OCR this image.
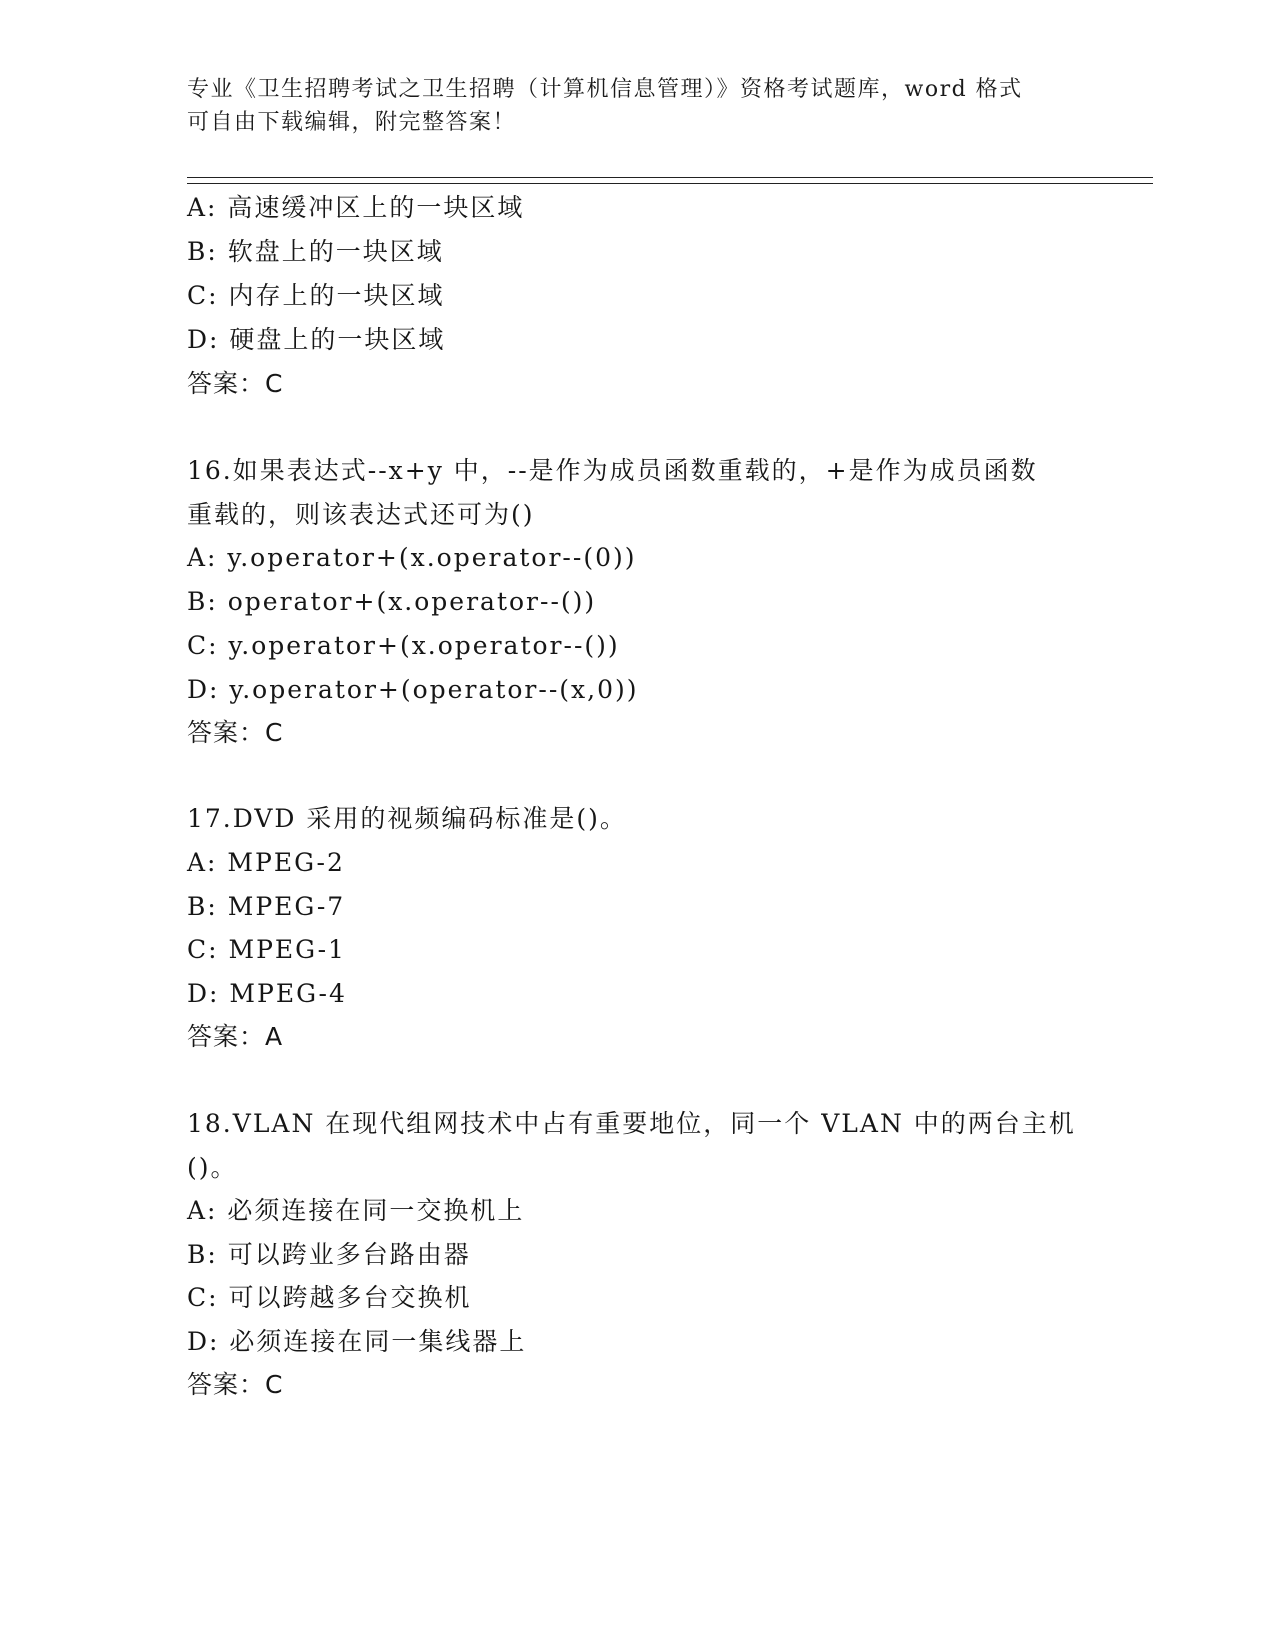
专业《卫生招聘考试之卫生招聘（计算机信息管理）》资格考试题库，word 格式
可自由下载编辑，附完整答案！
A: 高速缓冲区上的一块区域
B: 软盘上的一块区域
C: 内存上的一块区域
D: 硬盘上的一块区域
答案：C
16.如果表达式--x+y 中，--是作为成员函数重载的，+是作为成员函数
重载的，则该表达式还可为()
A: y.operator+(x.operator--(0))
B: operator+(x.operator--())
C: y.operator+(x.operator--())
D: y.operator+(operator--(x,0))
答案：C
17.DVD 采用的视频编码标准是()。
A: MPEG-2
B: MPEG-7
C: MPEG-1
D: MPEG-4
答案：A
18.VLAN 在现代组网技术中占有重要地位，同一个 VLAN 中的两台主机
()。
A: 必须连接在同一交换机上
B: 可以跨业多台路由器
C: 可以跨越多台交换机
D: 必须连接在同一集线器上
答案：C
